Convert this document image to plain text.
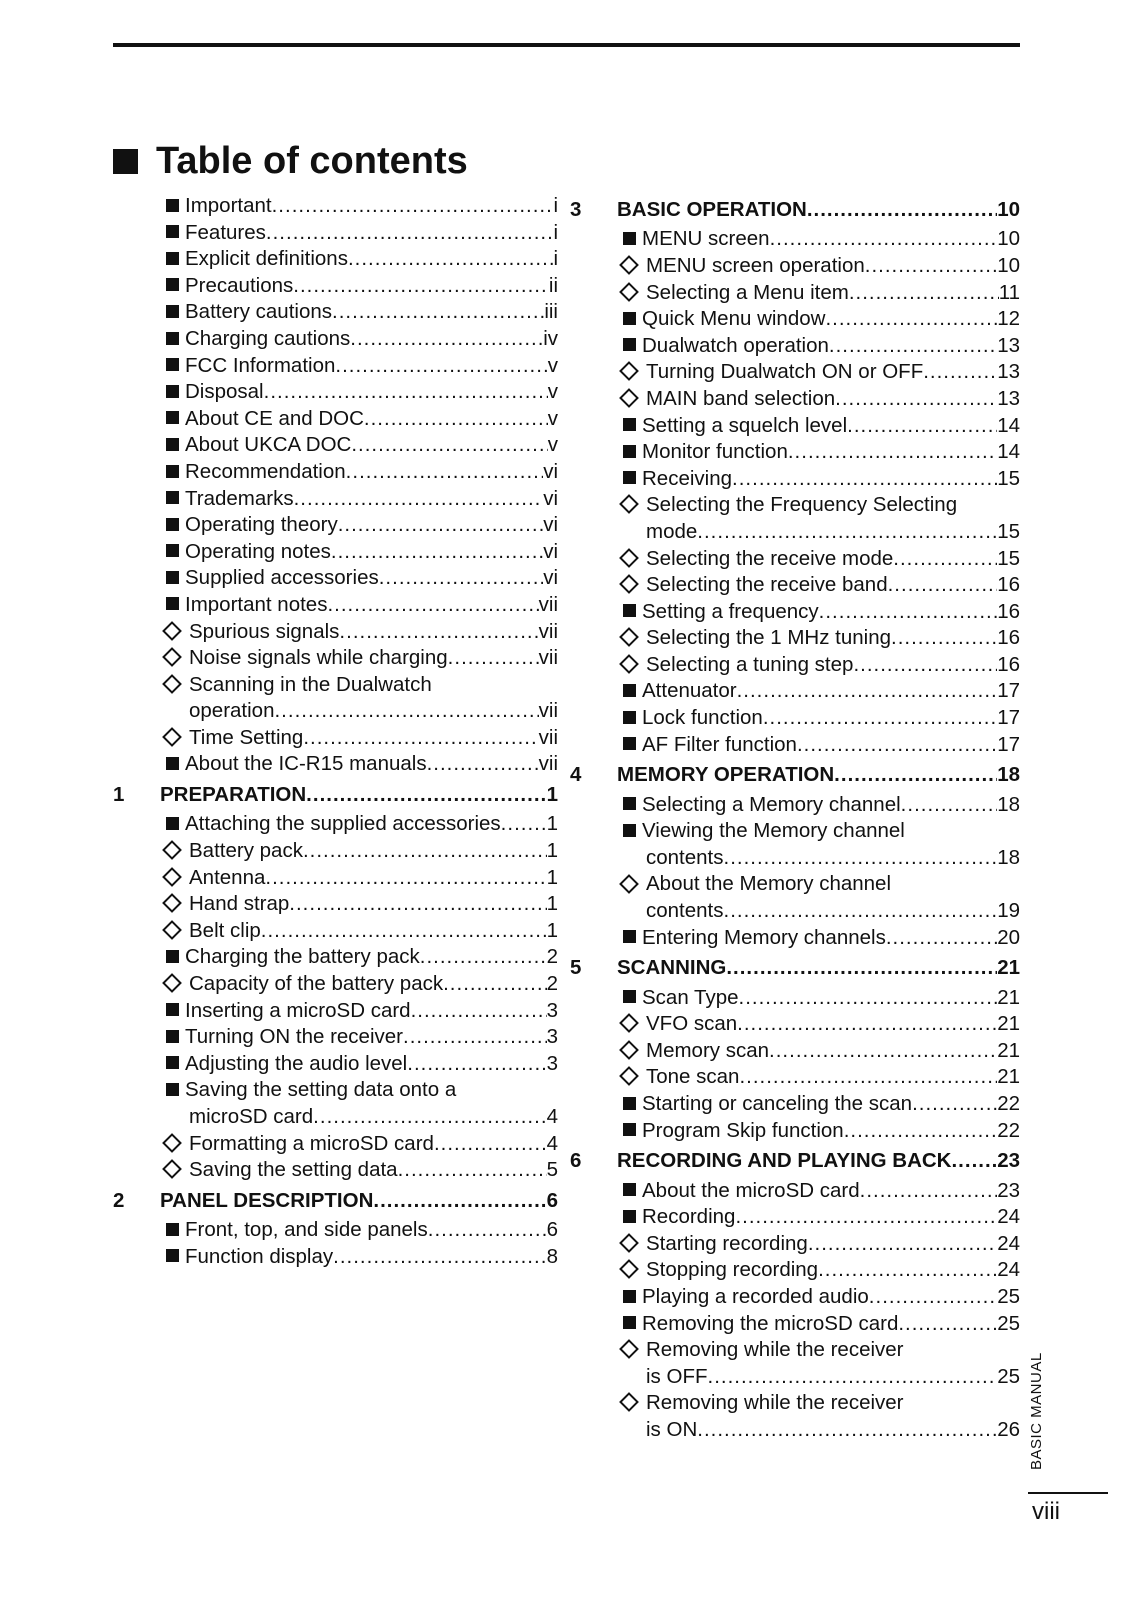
Table of contents
Important .....	i
Features .....	i
Explicit definitions .....	i
Precautions .....	ii
Battery cautions .....	iii
Charging cautions .....	iv
FCC Information .....	v
Disposal .....	v
About CE and DOC .....	v
About UKCA DOC .....	v
Recommendation .....	vi
Trademarks .....	vi
Operating theory .....	vi
Operating notes .....	vi
Supplied accessories .....	vi
Important notes .....	vii
Spurious signals .....	vii
Noise signals while charging .....	vii
Scanning in the Dualwatch
operation .....	vii
Time Setting .....	vii
About the IC-R15 manuals .....	vii
1 PREPARATION .....	1
Attaching the supplied accessories ..... 1
Battery pack .....	1
Antenna .....	1
Hand strap .....	1
Belt clip .....	1
Charging the battery pack .....	2
Capacity of the battery pack .....	2
Inserting a microSD card .....	3
Turning ON the receiver .....	3
Adjusting the audio level .....	3
Saving the setting data onto a
microSD card .....	4
Formatting a microSD card .....	4
Saving the setting data .....	5
2 PANEL DESCRIPTION .....	6
Front, top, and side panels .....	6
Function display .....	8
3 BASIC OPERATION .....	10
MENU screen .....	10
MENU screen operation .....	10
Selecting a Menu item .....	11
Quick Menu window .....	12
Dualwatch operation .....	13
Turning Dualwatch ON or OFF .....	13
MAIN band selection .....	13
Setting a squelch level .....	14
Monitor function .....	14
Receiving .....	15
Selecting the Frequency Selecting
mode .....	15
Selecting the receive mode .....	15
Selecting the receive band .....	16
Setting a frequency .....	16
Selecting the 1 MHz tuning .....	16
Selecting a tuning step .....	16
Attenuator .....	17
Lock function .....	17
AF Filter function .....	17
4 MEMORY OPERATION .....	18
Selecting a Memory channel .....	18
Viewing the Memory channel
contents .....	18
About the Memory channel
contents .....	19
Entering Memory channels .....	20
5 SCANNING .....	21
Scan Type .....	21
VFO scan .....	21
Memory scan .....	21
Tone scan .....	21
Starting or canceling the scan .....	22
Program Skip function .....	22
6 RECORDING AND PLAYING BACK ..... 23
About the microSD card .....	23
Recording .....	24
Starting recording .....	24
Stopping recording .....	24
Playing a recorded audio .....	25
Removing the microSD card .....	25
Removing while the receiver
is OFF .....	25
Removing while the receiver
is ON .....	26 BASIC MANUAL
viii
